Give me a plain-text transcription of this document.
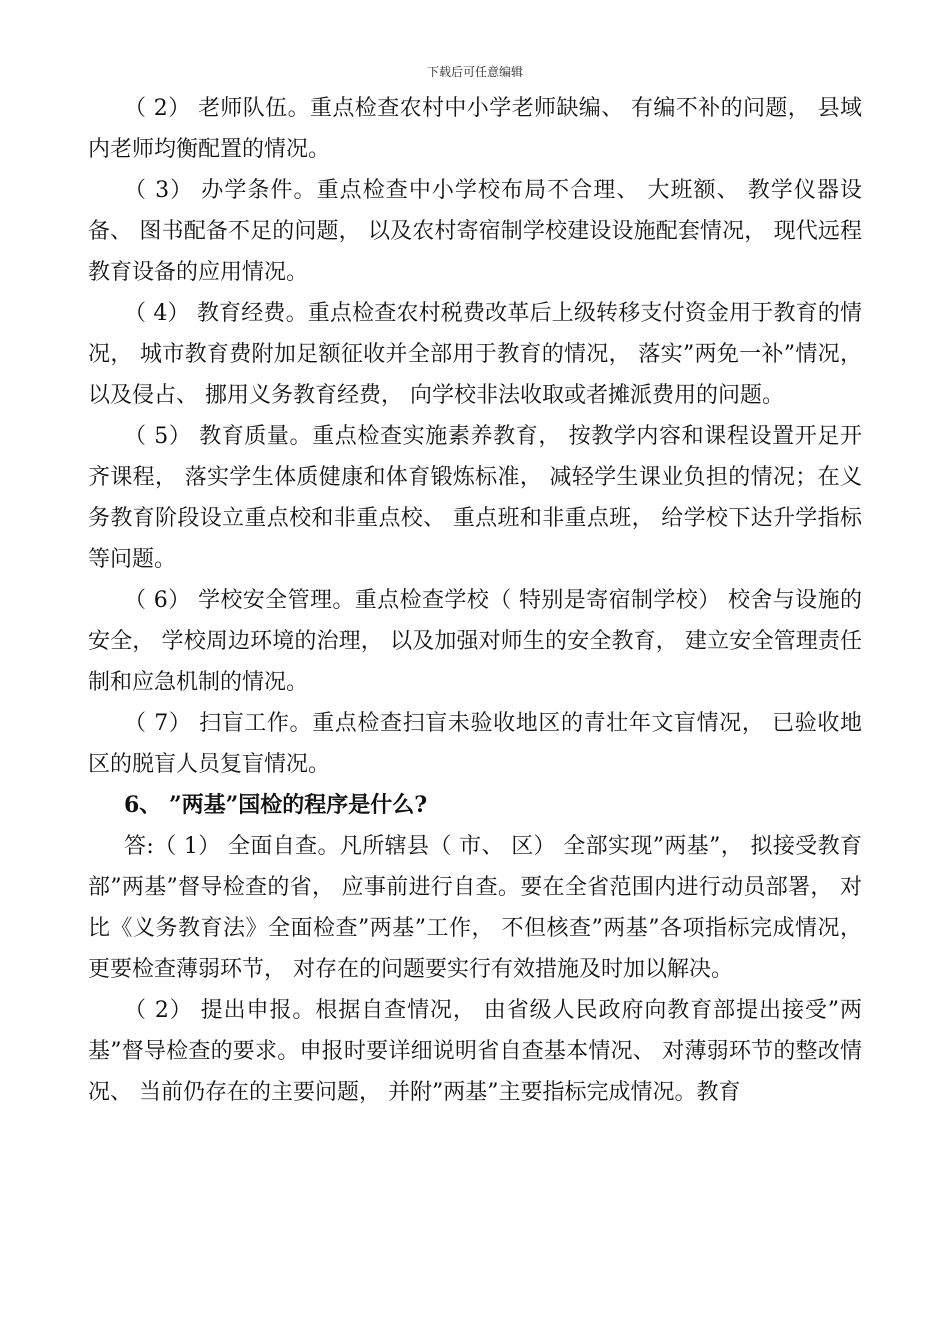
下载后可任意编辑

（ 2） 老师队伍。重点检查农村中小学老师缺编、 有编不补的问题， 县域内老师均衡配置的情况。

（ 3） 办学条件。重点检查中小学校布局不合理、 大班额、 教学仪器设备、 图书配备不足的问题， 以及农村寄宿制学校建设设施配套情况， 现代远程教育设备的应用情况。

（ 4） 教育经费。重点检查农村税费改革后上级转移支付资金用于教育的情况， 城市教育费附加足额征收并全部用于教育的情况， 落实”两免一补”情况， 以及侵占、 挪用义务教育经费， 向学校非法收取或者摊派费用的问题。

（ 5） 教育质量。重点检查实施素养教育， 按教学内容和课程设置开足开齐课程， 落实学生体质健康和体育锻炼标准， 减轻学生课业负担的情况；在义务教育阶段设立重点校和非重点校、 重点班和非重点班， 给学校下达升学指标等问题。

（ 6） 学校安全管理。重点检查学校（ 特别是寄宿制学校） 校舍与设施的安全， 学校周边环境的治理， 以及加强对师生的安全教育， 建立安全管理责任制和应急机制的情况。

（ 7） 扫盲工作。重点检查扫盲未验收地区的青壮年文盲情况， 已验收地区的脱盲人员复盲情况。

6、 ”两基”国检的程序是什么?

答:（ 1） 全面自查。凡所辖县（ 市、 区） 全部实现”两基”， 拟接受教育部”两基”督导检查的省， 应事前进行自查。要在全省范围内进行动员部署， 对比《义务教育法》全面检查”两基”工作， 不但核查”两基”各项指标完成情况， 更要检查薄弱环节， 对存在的问题要实行有效措施及时加以解决。

（ 2） 提出申报。根据自查情况， 由省级人民政府向教育部提出接受”两基”督导检查的要求。申报时要详细说明省自查基本情况、 对薄弱环节的整改情况、 当前仍存在的主要问题， 并附”两基”主要指标完成情况。教育
